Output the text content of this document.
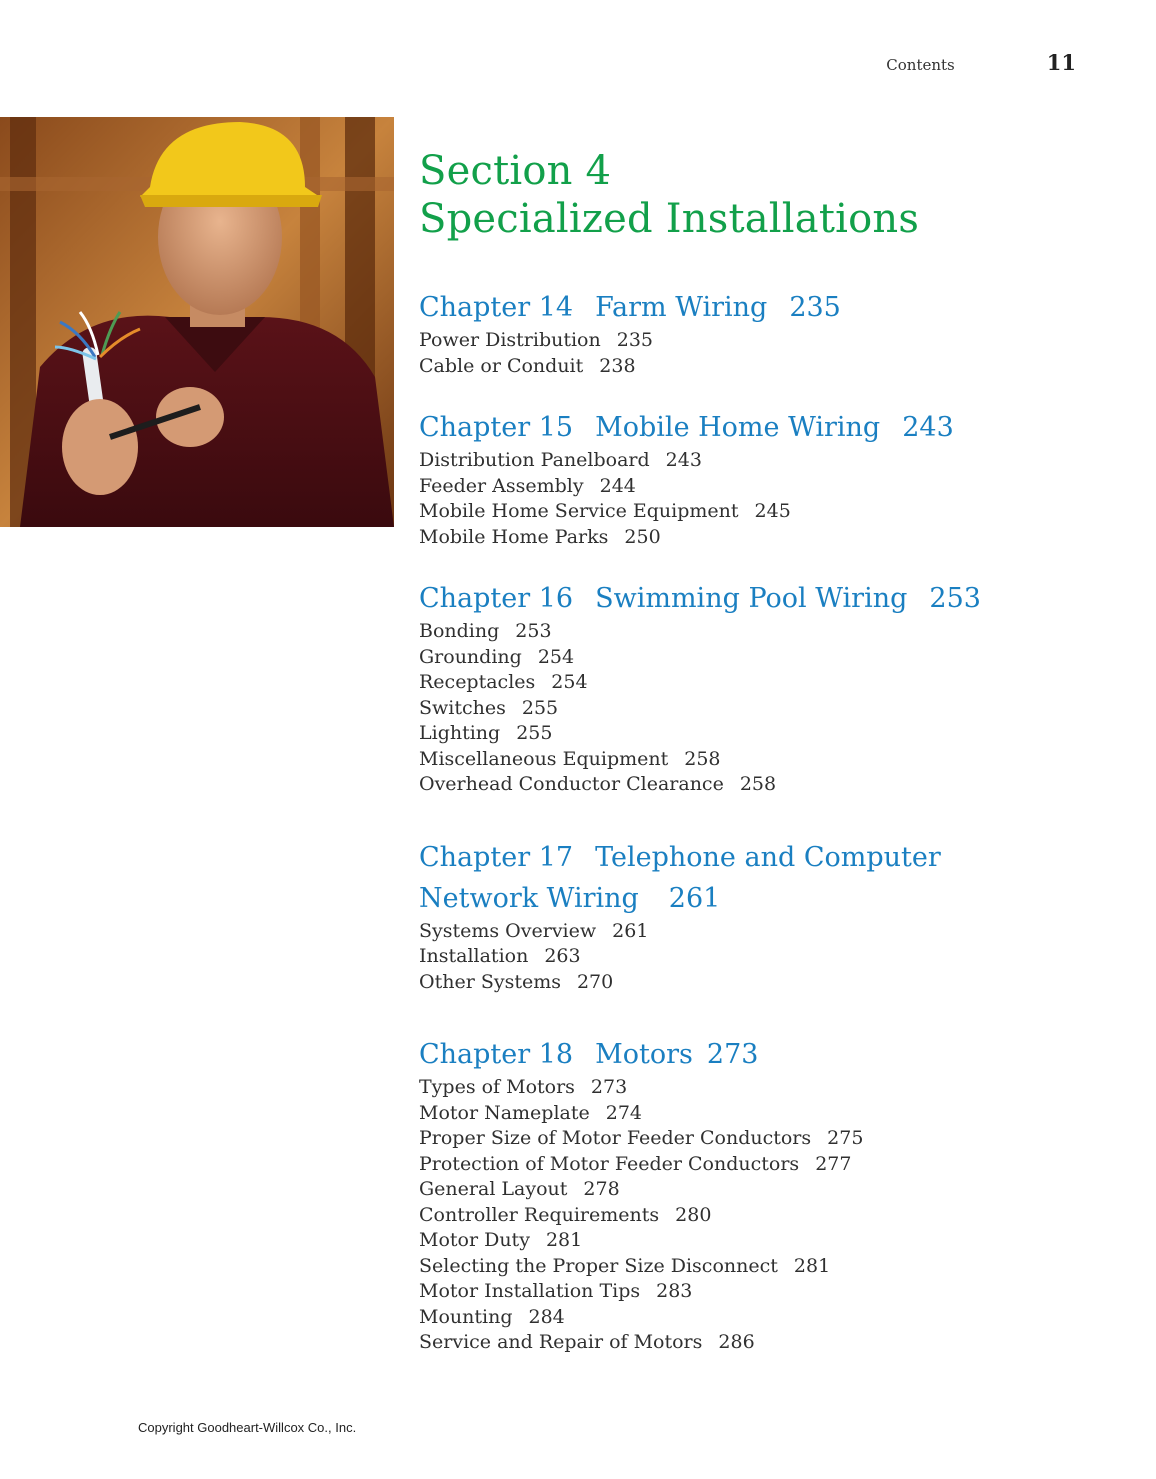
Contents	11
Section 4
Specialized Installations
Chapter 14 Farm Wiring 235
Power Distribution 235
Cable or Conduit 238
Chapter 15 Mobile Home Wiring 243
Distribution Panelboard 243
Feeder Assembly 244
Mobile Home Service Equipment 245
Mobile Home Parks 250
Chapter 16 Swimming Pool Wiring 253
Bonding 253
Grounding 254
Receptacles 254
Switches 255
Lighting 255
Miscellaneous Equipment 258
Overhead Conductor Clearance 258
Chapter 17 Telephone and Computer
Network Wiring 261
Systems Overview 261
Installation 263
Other Systems 270
Chapter 18 Motors 273
Types of Motors 273
Motor Nameplate 274
Proper Size of Motor Feeder Conductors 275
Protection of Motor Feeder Conductors 277
General Layout 278
Controller Requirements 280
Motor Duty 281
Selecting the Proper Size Disconnect 281
Motor Installation Tips 283
Mounting 284
Service and Repair of Motors 286
Copyright Goodheart-Willcox Co., Inc.
